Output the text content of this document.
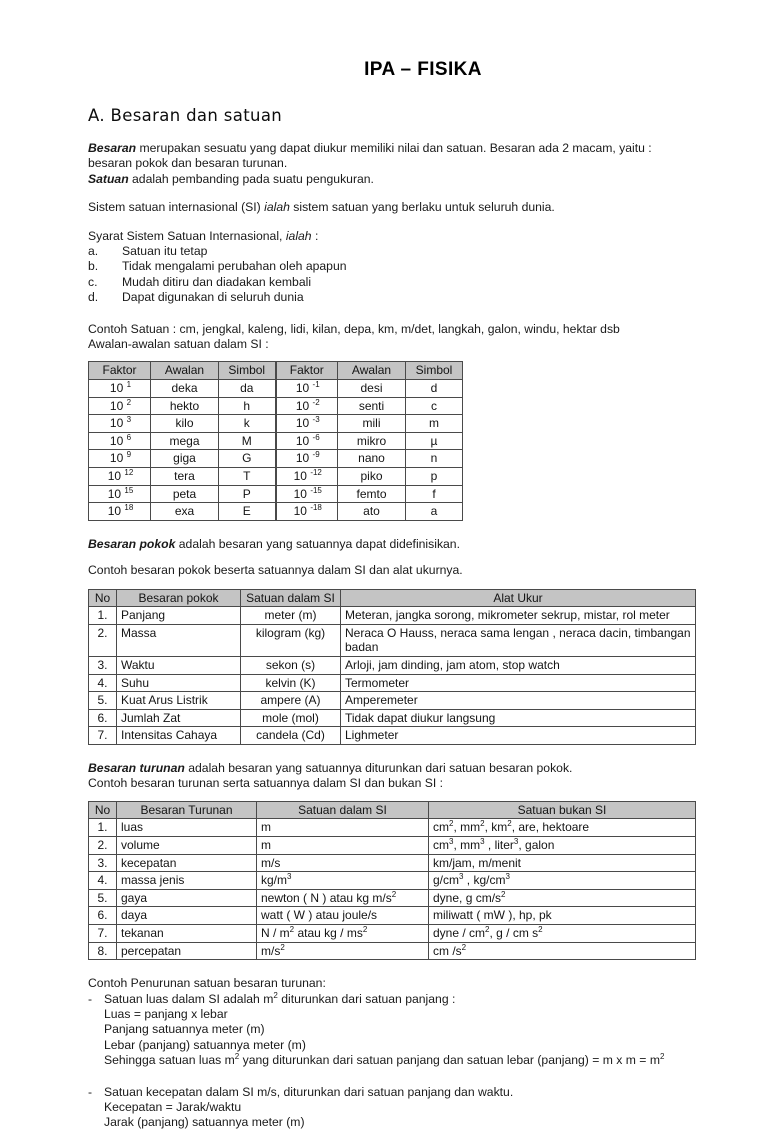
IPA – FISIKA
A. Besaran dan satuan
Besaran merupakan sesuatu yang dapat diukur memiliki nilai dan satuan. Besaran ada 2 macam, yaitu :
besaran pokok dan besaran turunan.
Satuan adalah pembanding pada suatu pengukuran.
Sistem satuan internasional (SI) ialah sistem satuan yang berlaku untuk seluruh dunia.
Syarat Sistem Satuan Internasional, ialah :
a.	Satuan itu tetap
b.	Tidak mengalami perubahan oleh apapun
c.	Mudah ditiru dan diadakan kembali
d.	Dapat digunakan di seluruh dunia
Contoh Satuan : cm, jengkal, kaleng, lidi, kilan, depa, km, m/det, langkah, galon, windu, hektar dsb
Awalan-awalan satuan dalam SI :
Faktor	Awalan	Simbol	Faktor	Awalan	Simbol
10 $^1$	deka	da	10 $^{-1}$	desi	d
10 $^2$	hekto	h	10 $^{-2}$	senti	c
10 $^3$	kilo	k	10 $^{-3}$	mili	m
10 $^6$	mega	M	10 $^{-6}$	mikro	µ
10 $^9$	giga	G	10 $^{-9}$	nano	n
10 $^{12}$	tera	T	10 $^{-12}$	piko	p
10 $^{15}$	peta	P	10 $^{-15}$	femto	f
10 $^{18}$	exa	E	10 $^{-18}$	ato	a
Besaran pokok adalah besaran yang satuannya dapat didefinisikan.
Contoh besaran pokok beserta satuannya dalam SI dan alat ukurnya.
No	Besaran pokok	Satuan dalam SI	Alat Ukur
1.	Panjang	meter (m)	Meteran, jangka sorong, mikrometer sekrup, mistar, rol meter
2.	Massa	kilogram (kg)	Neraca O Hauss, neraca sama lengan , neraca dacin, timbangan badan
3.	Waktu	sekon (s)	Arloji, jam dinding, jam atom, stop watch
4.	Suhu	kelvin (K)	Termometer
5.	Kuat Arus Listrik	ampere (A)	Amperemeter
6.	Jumlah Zat	mole (mol)	Tidak dapat diukur langsung
7.	Intensitas Cahaya	candela (Cd)	Lighmeter
Besaran turunan adalah besaran yang satuannya diturunkan dari satuan besaran pokok.
Contoh besaran turunan serta satuannya dalam SI dan bukan SI :
No	Besaran Turunan	Satuan dalam SI	Satuan bukan SI
1.	luas	m	$cm^2$, $mm^2$, $km^2$, are, hektoare
2.	volume	m	$cm^3$, $mm^3$ , liter$^3$, galon
3.	kecepatan	m/s	km/jam, m/menit
4.	massa jenis	$kg/m^3$	$g/cm^3$ , $kg/cm^3$
5.	gaya	newton ( N ) atau kg $m/s^2$	dyne, g $cm/s^2$
6.	daya	watt ( W ) atau joule/s	miliwatt ( mW ), hp, pk
7.	tekanan	N / $m^2$ atau kg / $ms^2$	dyne / $cm^2$, g / cm $s^2$
8.	percepatan	$m/s^2$	cm $/s^2$
Contoh Penurunan satuan besaran turunan:
- Satuan luas dalam SI adalah $m^2$ diturunkan dari satuan panjang :
Luas = panjang x lebar
Panjang satuannya meter (m)
Lebar (panjang) satuannya meter (m)
Sehingga satuan luas $m^2$ yang diturunkan dari satuan panjang dan satuan lebar (panjang) = m x $m = m^2$
- Satuan kecepatan dalam SI m/s, diturunkan dari satuan panjang dan waktu.
Kecepatan = Jarak/waktu
Jarak (panjang) satuannya meter (m)
